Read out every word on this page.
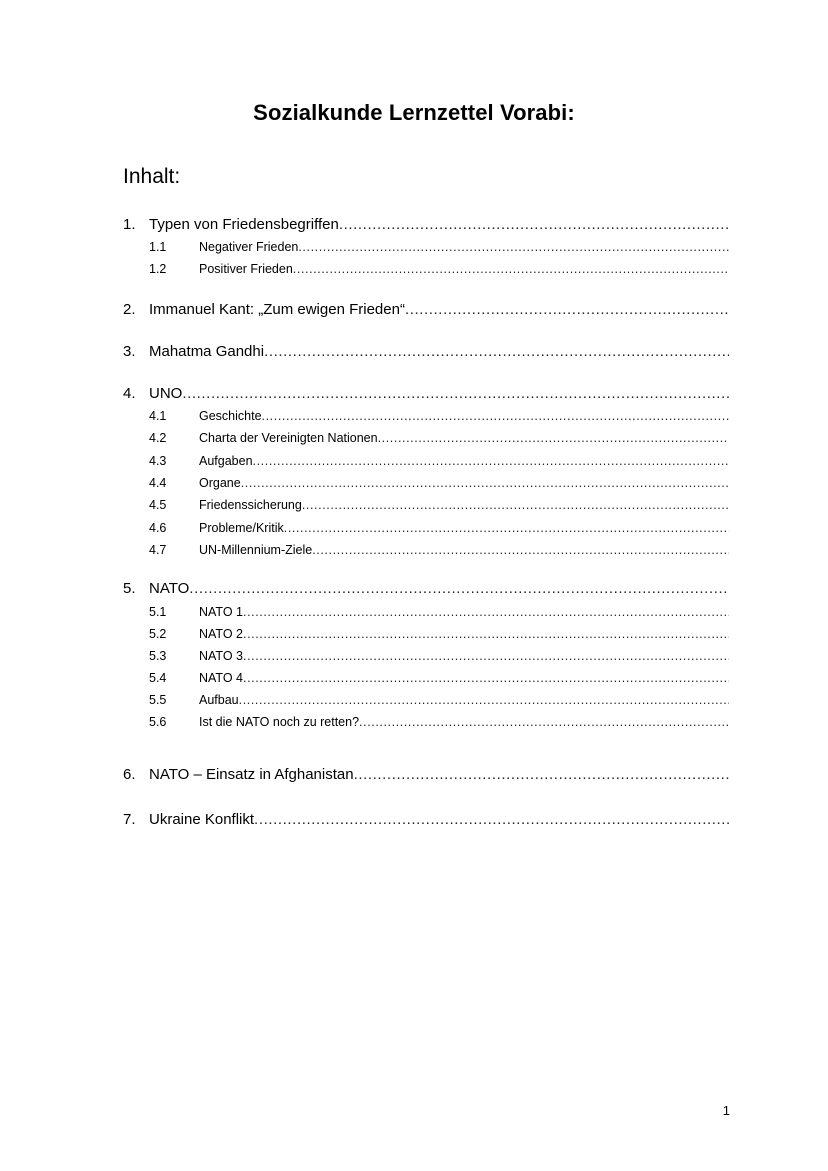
Sozialkunde Lernzettel Vorabi:
Inhalt:
1. Typen von Friedensbegriffen
.....
1.1	Negativer Frieden
.....
1.2	Positiver Frieden
.....
2. Immanuel Kant: „Zum ewigen Frieden“
.....
3. Mahatma Gandhi
.....
4. UNO
.....
4.1	Geschichte
.....
4.2	Charta der Vereinigten Nationen
.....
4.3	Aufgaben
.....
4.4	Organe
.....
4.5	Friedenssicherung
.....
4.6	Probleme/Kritik
.....
4.7	UN-Millennium-Ziele
.....
5. NATO
.....
5.1	NATO 1
.....
5.2	NATO 2
.....
5.3	NATO 3
.....
5.4	NATO 4
.....
5.5	Aufbau
.....
5.6	Ist die NATO noch zu retten?
.....
6. NATO – Einsatz in Afghanistan
.....
7. Ukraine Konflikt
.....
1
